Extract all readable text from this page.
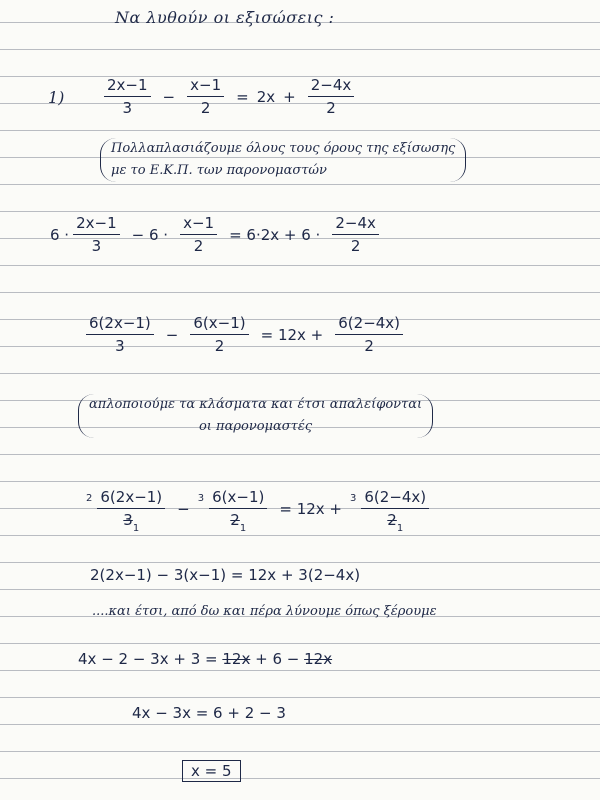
Να λυθούν οι εξισώσεις :
1)	$\frac{2x-1}{3} - \frac{x-1}{2} = 2x + \frac{2-4x}{2}$
Πολλαπλασιάζουμε όλους τους όρους της εξίσωσης
με το Ε.Κ.Π. των παρονομαστών
$6 \cdot \frac{2x-1}{3} - 6 \cdot \frac{x-1}{2} = 6\cdot 2x + 6 \cdot \frac{2-4x}{2}$
$\frac{6(2x-1)}{3} - \frac{6(x-1)}{2} = 12x + \frac{6(2-4x)}{2}$
απλοποιούμε τα κλάσματα και έτσι απαλείφονται
οι παρονομαστές
$2 \frac{6(2x-1)}{3_1}$ −
$3 \frac{6(x-1)}{2_1} = 12x$ +
$3 \frac{6(2-4x)}{2_1}$
2(2x−1) − 3(x−1) = 12x + 3(2−4x)
....και έτσι, από δω και πέρα λύνουμε όπως ξέρουμε
4x − 2 − 3x + 3 = 12x + 6 − 12x
4x − 3x = 6 + 2 − 3
x = 5
